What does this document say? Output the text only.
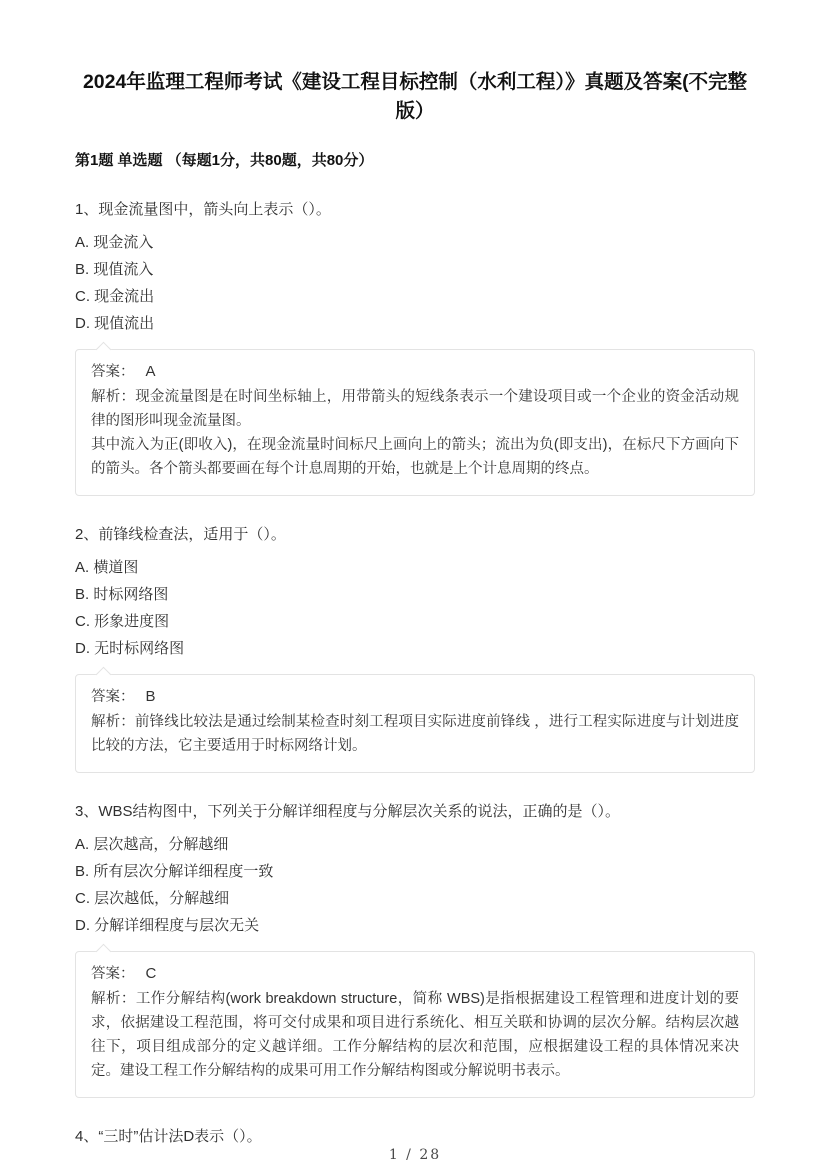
2024年监理工程师考试《建设工程目标控制（水利工程）》真题及答案(不完整版）
第1题 单选题 （每题1分，共80题，共80分）
1、现金流量图中，箭头向上表示（）。
A. 现金流入
B. 现值流入
C. 现金流出
D. 现值流出
答案： A
解析：现金流量图是在时间坐标轴上，用带箭头的短线条表示一个建设项目或一个企业的资金活动规律的图形叫现金流量图。
其中流入为正(即收入)，在现金流量时间标尺上画向上的箭头；流出为负(即支出)，在标尺下方画向下的箭头。各个箭头都要画在每个计息周期的开始，也就是上个计息周期的终点。
2、前锋线检查法，适用于（）。
A. 横道图
B. 时标网络图
C. 形象进度图
D. 无时标网络图
答案： B
解析：前锋线比较法是通过绘制某检查时刻工程项目实际进度前锋线 ，进行工程实际进度与计划进度比较的方法，它主要适用于时标网络计划。
3、WBS结构图中，下列关于分解详细程度与分解层次关系的说法，正确的是（）。
A. 层次越高，分解越细
B. 所有层次分解详细程度一致
C. 层次越低，分解越细
D. 分解详细程度与层次无关
答案： C
解析：工作分解结构(work breakdown structure，简称 WBS)是指根据建设工程管理和进度计划的要求，依据建设工程范围，将可交付成果和项目进行系统化、相互关联和协调的层次分解。结构层次越往下，项目组成部分的定义越详细。工作分解结构的层次和范围，应根据建设工程的具体情况来决定。建设工程工作分解结构的成果可用工作分解结构图或分解说明书表示。
4、“三时”估计法D表示（）。
1 / 28
